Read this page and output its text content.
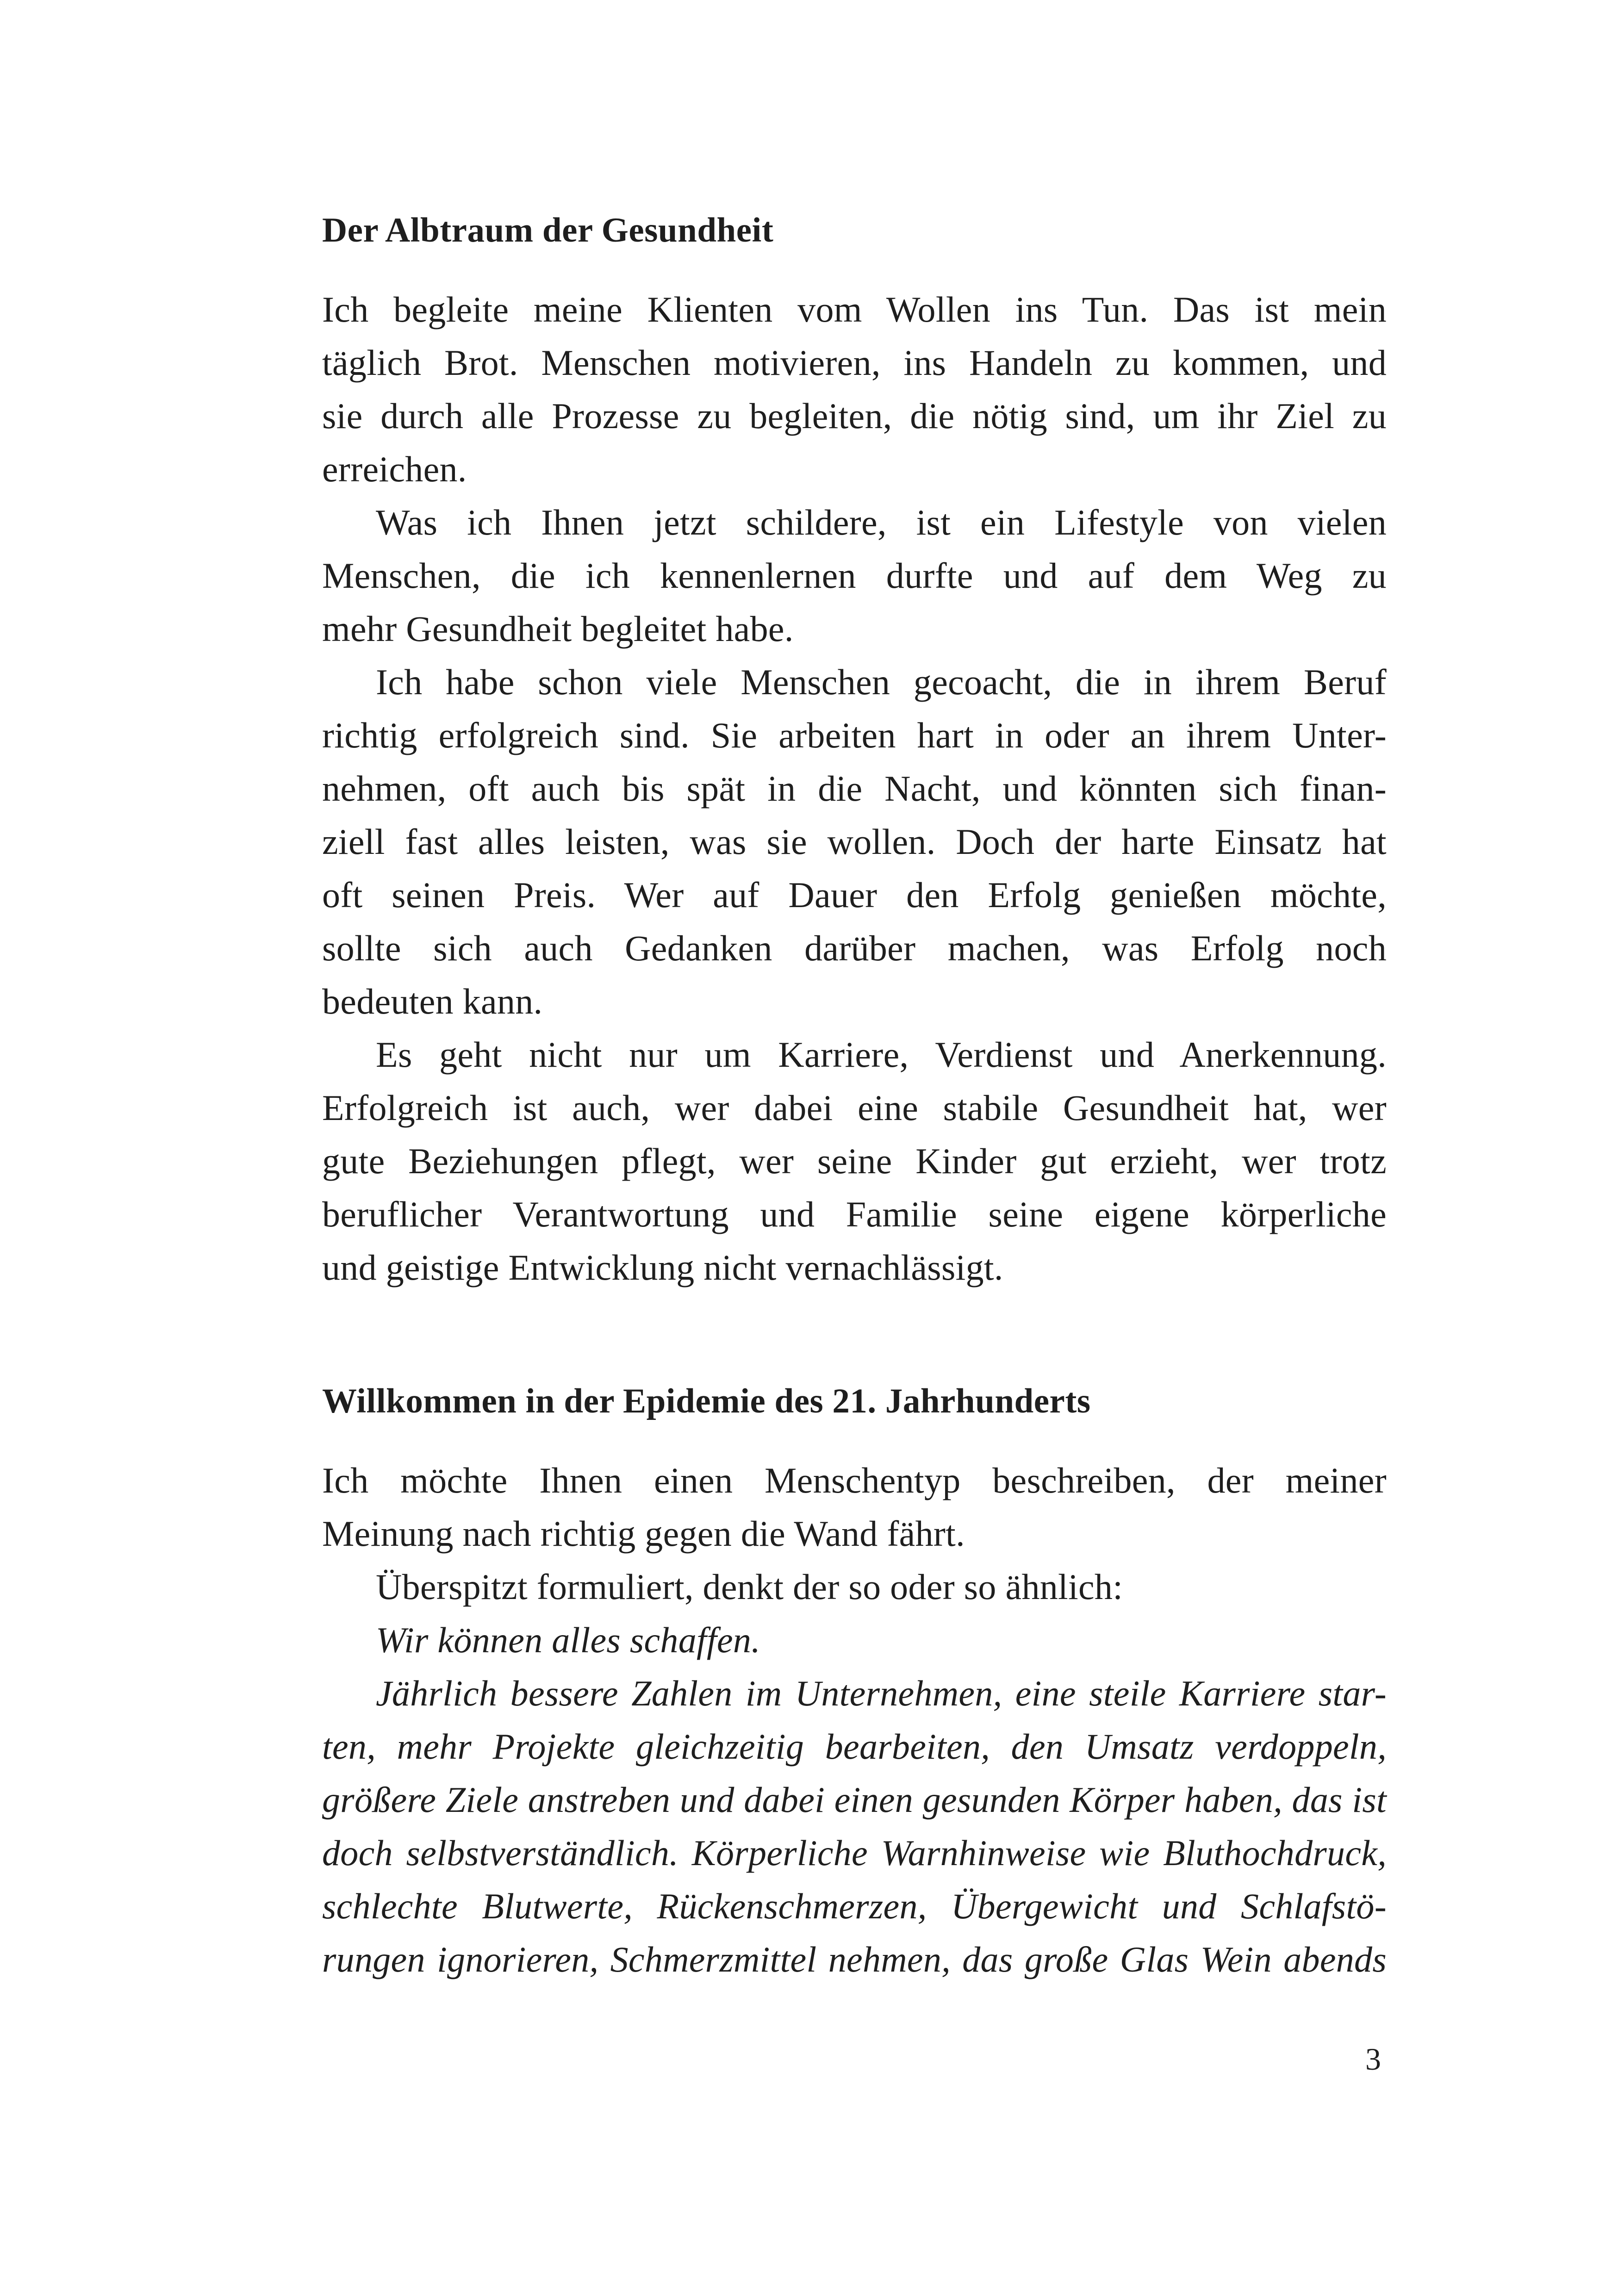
Der Albtraum der Gesundheit
Ich begleite meine Klienten vom Wollen ins Tun. Das ist mein
täglich Brot. Menschen motivieren, ins Handeln zu kommen, und
sie durch alle Prozesse zu begleiten, die nötig sind, um ihr Ziel zu
erreichen.
Was ich Ihnen jetzt schildere, ist ein Lifestyle von vielen
Menschen, die ich kennenlernen durfte und auf dem Weg zu
mehr Gesundheit begleitet habe.
Ich habe schon viele Menschen gecoacht, die in ihrem Beruf
richtig erfolgreich sind. Sie arbeiten hart in oder an ihrem Unter-
nehmen, oft auch bis spät in die Nacht, und könnten sich finan-
ziell fast alles leisten, was sie wollen. Doch der harte Einsatz hat
oft seinen Preis. Wer auf Dauer den Erfolg genießen möchte,
sollte sich auch Gedanken darüber machen, was Erfolg noch
bedeuten kann.
Es geht nicht nur um Karriere, Verdienst und Anerkennung.
Erfolgreich ist auch, wer dabei eine stabile Gesundheit hat, wer
gute Beziehungen pflegt, wer seine Kinder gut erzieht, wer trotz
beruflicher Verantwortung und Familie seine eigene körperliche
und geistige Entwicklung nicht vernachlässigt.
Willkommen in der Epidemie des 21. Jahrhunderts
Ich möchte Ihnen einen Menschentyp beschreiben, der meiner
Meinung nach richtig gegen die Wand fährt.
Überspitzt formuliert, denkt der so oder so ähnlich:
Wir können alles schaffen.
Jährlich bessere Zahlen im Unternehmen, eine steile Karriere star-
ten, mehr Projekte gleichzeitig bearbeiten, den Umsatz verdoppeln,
größere Ziele anstreben und dabei einen gesunden Körper haben, das ist
doch selbstverständlich. Körperliche Warnhinweise wie Bluthochdruck,
schlechte Blutwerte, Rückenschmerzen, Übergewicht und Schlafstö-
rungen ignorieren, Schmerzmittel nehmen, das große Glas Wein abends
3
